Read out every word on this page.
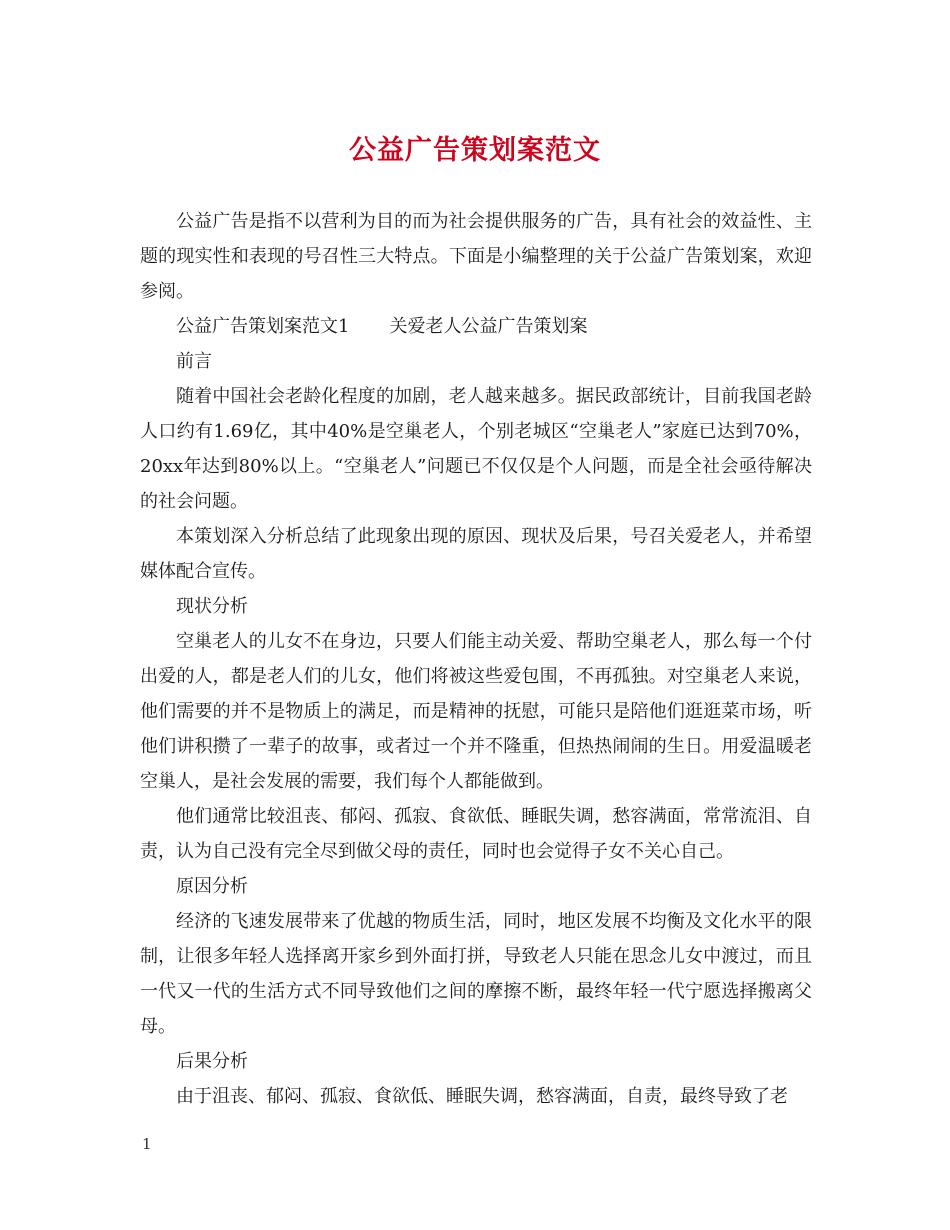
公益广告策划案范文

公益广告是指不以营利为目的而为社会提供服务的广告，具有社会的效益性、主题的现实性和表现的号召性三大特点。下面是小编整理的关于公益广告策划案，欢迎参阅。

公益广告策划案范文1 关爱老人公益广告策划案

前言

随着中国社会老龄化程度的加剧，老人越来越多。据民政部统计，目前我国老龄人口约有1.69亿，其中40%是空巢老人，个别老城区“空巢老人”家庭已达到70%，20xx年达到80%以上。“空巢老人”问题已不仅仅是个人问题，而是全社会亟待解决的社会问题。

本策划深入分析总结了此现象出现的原因、现状及后果，号召关爱老人，并希望媒体配合宣传。

现状分析

空巢老人的儿女不在身边，只要人们能主动关爱、帮助空巢老人，那么每一个付出爱的人，都是老人们的儿女，他们将被这些爱包围，不再孤独。对空巢老人来说，他们需要的并不是物质上的满足，而是精神的抚慰，可能只是陪他们逛逛菜市场，听他们讲积攒了一辈子的故事，或者过一个并不隆重，但热热闹闹的生日。用爱温暖老空巢人，是社会发展的需要，我们每个人都能做到。

他们通常比较沮丧、郁闷、孤寂、食欲低、睡眠失调，愁容满面，常常流泪、自责，认为自己没有完全尽到做父母的责任，同时也会觉得子女不关心自己。

原因分析

经济的飞速发展带来了优越的物质生活，同时，地区发展不均衡及文化水平的限制，让很多年轻人选择离开家乡到外面打拼，导致老人只能在思念儿女中渡过，而且一代又一代的生活方式不同导致他们之间的摩擦不断，最终年轻一代宁愿选择搬离父母。

后果分析

由于沮丧、郁闷、孤寂、食欲低、睡眠失调，愁容满面，自责，最终导致了老

1
